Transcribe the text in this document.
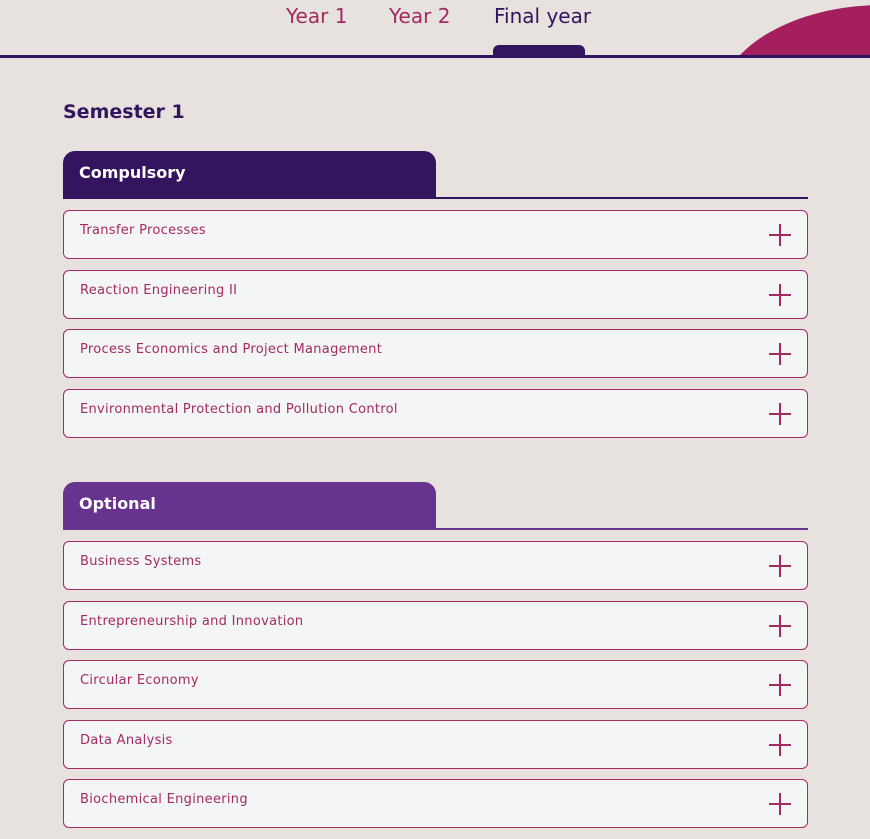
Year 1 Year 2 Final year
Semester 1
Compulsory
Transfer Processes
Reaction Engineering II
Process Economics and Project Management
Environmental Protection and Pollution Control
Optional
Business Systems
Entrepreneurship and Innovation
Circular Economy
Data Analysis
Biochemical Engineering
